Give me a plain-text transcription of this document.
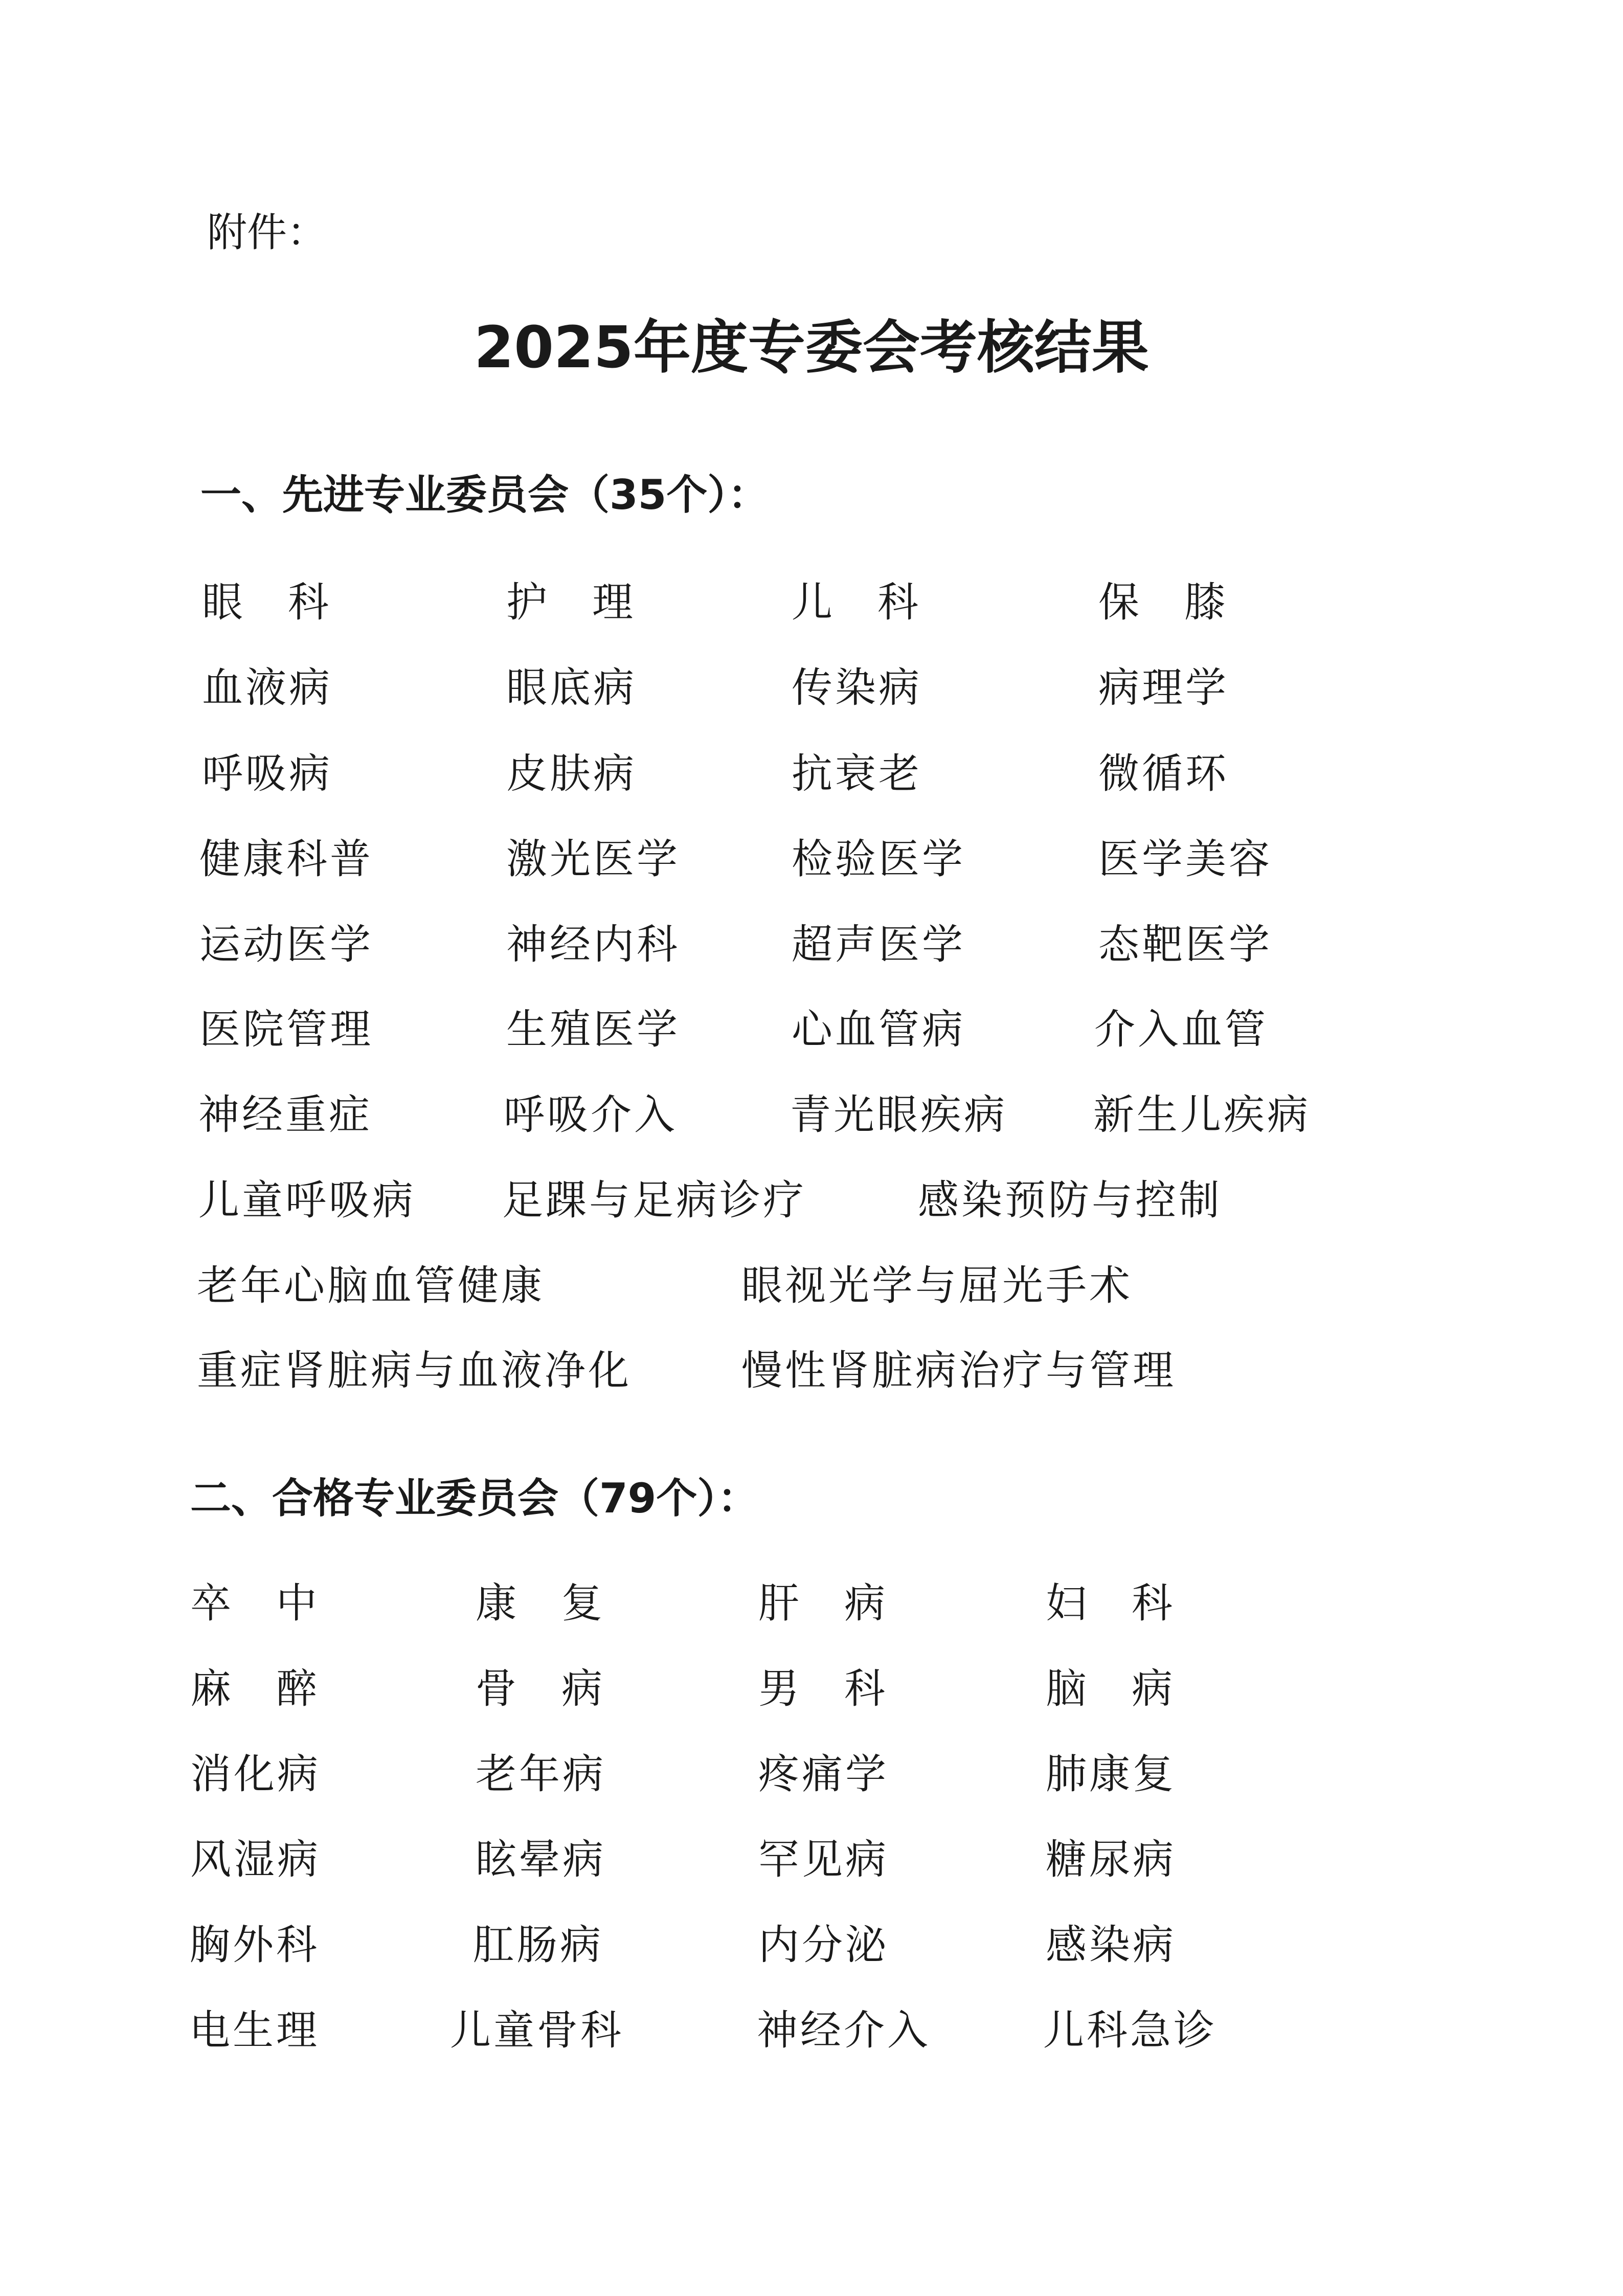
附件：
2025年度专委会考核结果
一、先进专业委员会（35个）：
眼科	护理	儿科	保膝
血液病	眼底病	传染病	病理学
呼吸病	皮肤病	抗衰老	微循环
健康科普	激光医学	检验医学	医学美容
运动医学	神经内科	超声医学	态靶医学
医院管理	生殖医学	心血管病	介入血管
神经重症	呼吸介入	青光眼疾病 新生儿疾病
儿童呼吸病 足踝与足病诊疗	感染预防与控制
老年心脑血管健康	眼视光学与屈光手术
重症肾脏病与血液净化	慢性肾脏病治疗与管理
二、合格专业委员会（79个）：
卒中	康复	肝病	妇科
麻醉	骨病	男科	脑病
消化病	老年病	疼痛学	肺康复
风湿病	眩晕病	罕见病	糖尿病
胸外科	肛肠病	内分泌	感染病
电生理	儿童骨科	神经介入	儿科急诊
